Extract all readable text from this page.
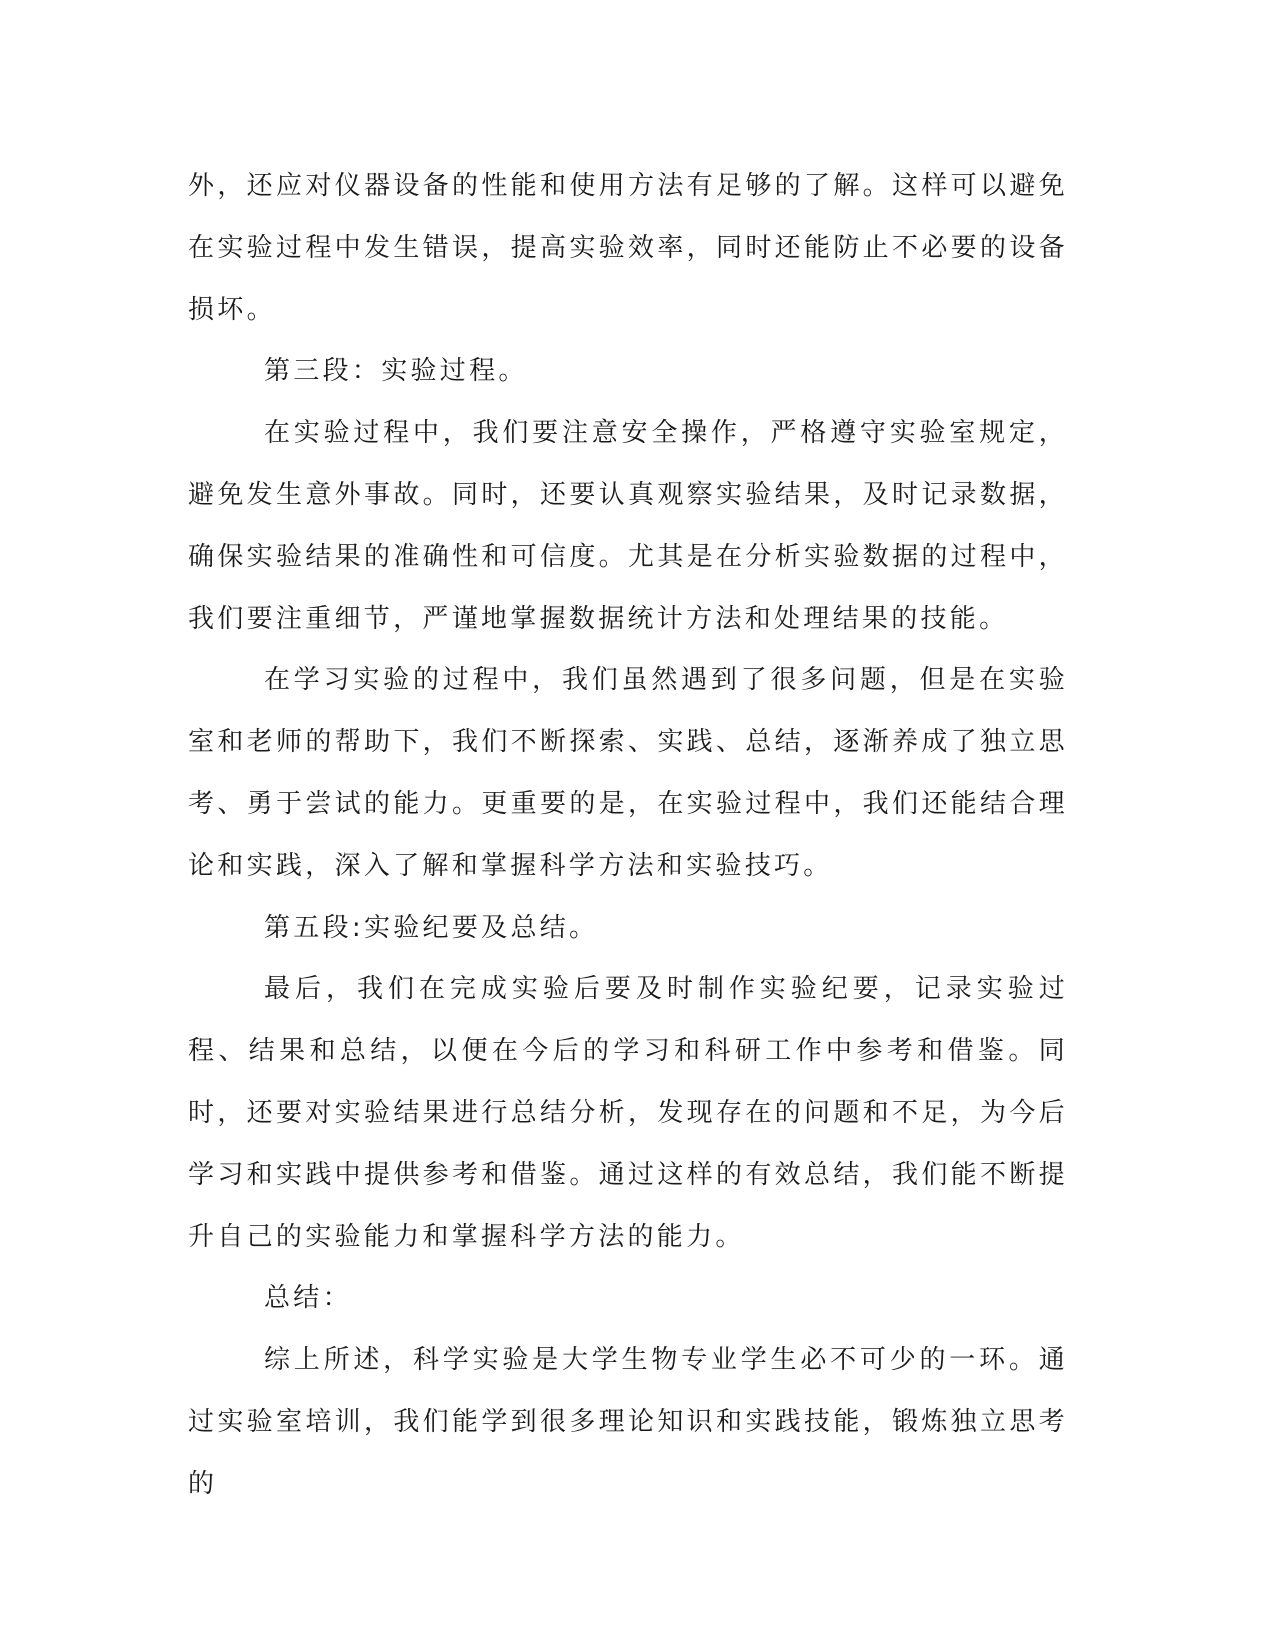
外，还应对仪器设备的性能和使用方法有足够的了解。这样可以避免在实验过程中发生错误，提高实验效率，同时还能防止不必要的设备损坏。

第三段：实验过程。

在实验过程中，我们要注意安全操作，严格遵守实验室规定，避免发生意外事故。同时，还要认真观察实验结果，及时记录数据，确保实验结果的准确性和可信度。尤其是在分析实验数据的过程中，我们要注重细节，严谨地掌握数据统计方法和处理结果的技能。

在学习实验的过程中，我们虽然遇到了很多问题，但是在实验室和老师的帮助下，我们不断探索、实践、总结，逐渐养成了独立思考、勇于尝试的能力。更重要的是，在实验过程中，我们还能结合理论和实践，深入了解和掌握科学方法和实验技巧。

第五段:实验纪要及总结。

最后，我们在完成实验后要及时制作实验纪要，记录实验过程、结果和总结，以便在今后的学习和科研工作中参考和借鉴。同时，还要对实验结果进行总结分析，发现存在的问题和不足，为今后学习和实践中提供参考和借鉴。通过这样的有效总结，我们能不断提升自己的实验能力和掌握科学方法的能力。

总结：

综上所述，科学实验是大学生物专业学生必不可少的一环。通过实验室培训，我们能学到很多理论知识和实践技能，锻炼独立思考的
